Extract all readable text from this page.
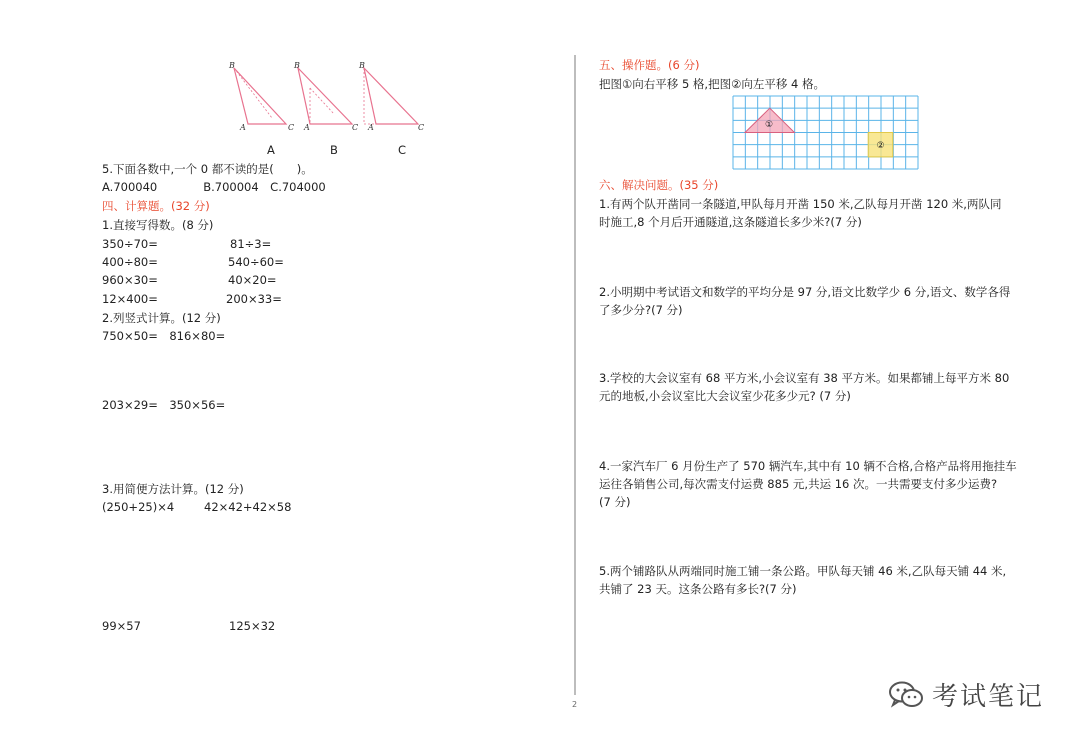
B
A	C
B
A	C
B
A	C
A	B	C
5.下面各数中,一个 0 都不读的是(　　)。
A.700040　　　　B.700004　C.704000
四、计算题。(32 分)
1.直接写得数。(8 分)
350÷70=	81÷3=
400÷80=	540÷60=
960×30=	40×20=
12×400=	200×33=
2.列竖式计算。(12 分)
750×50=　816×80=
203×29=　350×56=
3.用简便方法计算。(12 分)
(250+25)×4	42×42+42×58
99×57	125×32
2
五、操作题。(6 分)
把图①向右平移 5 格,把图②向左平移 4 格。
①
②
六、解决问题。(35 分)
1.有两个队开凿同一条隧道,甲队每月开凿 150 米,乙队每月开凿 120 米,两队同
时施工,8 个月后开通隧道,这条隧道长多少米?(7 分)
2.小明期中考试语文和数学的平均分是 97 分,语文比数学少 6 分,语文、数学各得
了多少分?(7 分)
3.学校的大会议室有 68 平方米,小会议室有 38 平方米。如果都铺上每平方米 80
元的地板,小会议室比大会议室少花多少元? (7 分)
4.一家汽车厂 6 月份生产了 570 辆汽车,其中有 10 辆不合格,合格产品将用拖挂车
运往各销售公司,每次需支付运费 885 元,共运 16 次。一共需要支付多少运费?
(7 分)
5.两个铺路队从两端同时施工铺一条公路。甲队每天铺 46 米,乙队每天铺 44 米,
共铺了 23 天。这条公路有多长?(7 分)
考试笔记
